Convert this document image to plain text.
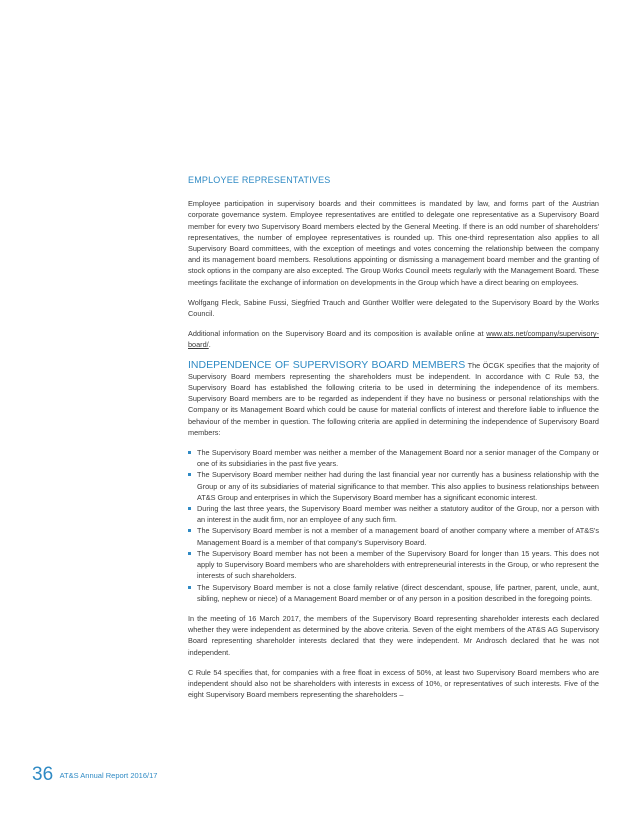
EMPLOYEE REPRESENTATIVES

Employee participation in supervisory boards and their committees is mandated by law, and forms part of the Austrian corporate governance system. Employee representatives are entitled to delegate one representative as a Supervisory Board member for every two Supervisory Board members elected by the General Meeting. If there is an odd number of shareholders' representatives, the number of employee representatives is rounded up. This one-third representation also applies to all Supervisory Board committees, with the exception of meetings and votes concerning the relationship between the company and its management board members. Resolutions appointing or dismissing a management board member and the granting of stock options in the company are also excepted. The Group Works Council meets regularly with the Management Board. These meetings facilitate the exchange of information on developments in the Group which have a direct bearing on employees.

Wolfgang Fleck, Sabine Fussi, Siegfried Trauch and Günther Wölfler were delegated to the Supervisory Board by the Works Council.

Additional information on the Supervisory Board and its composition is available online at www.ats.net/company/supervisory-board/.

INDEPENDENCE OF SUPERVISORY BOARD MEMBERS The ÖCGK specifies that the majority of Supervisory Board members representing the shareholders must be independent. In accordance with C Rule 53, the Supervisory Board has established the following criteria to be used in determining the independence of its members. Supervisory Board members are to be regarded as independent if they have no business or personal relationships with the Company or its Management Board which could be cause for material conflicts of interest and therefore liable to influence the behaviour of the member in question. The following criteria are applied in determining the independence of Supervisory Board members:

The Supervisory Board member was neither a member of the Management Board nor a senior manager of the Company or one of its subsidiaries in the past five years.
The Supervisory Board member neither had during the last financial year nor currently has a business relationship with the Group or any of its subsidiaries of material significance to that member. This also applies to business relationships between AT&S Group and enterprises in which the Supervisory Board member has a significant economic interest.
During the last three years, the Supervisory Board member was neither a statutory auditor of the Group, nor a person with an interest in the audit firm, nor an employee of any such firm.
The Supervisory Board member is not a member of a management board of another company where a member of AT&S's Management Board is a member of that company's Supervisory Board.
The Supervisory Board member has not been a member of the Supervisory Board for longer than 15 years. This does not apply to Supervisory Board members who are shareholders with entrepreneurial interests in the Group, or who represent the interests of such shareholders.
The Supervisory Board member is not a close family relative (direct descendant, spouse, life partner, parent, uncle, aunt, sibling, nephew or niece) of a Management Board member or of any person in a position described in the foregoing points.

In the meeting of 16 March 2017, the members of the Supervisory Board representing shareholder interests each declared whether they were independent as determined by the above criteria. Seven of the eight members of the AT&S AG Supervisory Board representing shareholder interests declared that they were independent. Mr Androsch declared that he was not independent.

C Rule 54 specifies that, for companies with a free float in excess of 50%, at least two Supervisory Board members who are independent should also not be shareholders with interests in excess of 10%, or representatives of such interests. Five of the eight Supervisory Board members representing the shareholders –

36 AT&S Annual Report 2016/17
